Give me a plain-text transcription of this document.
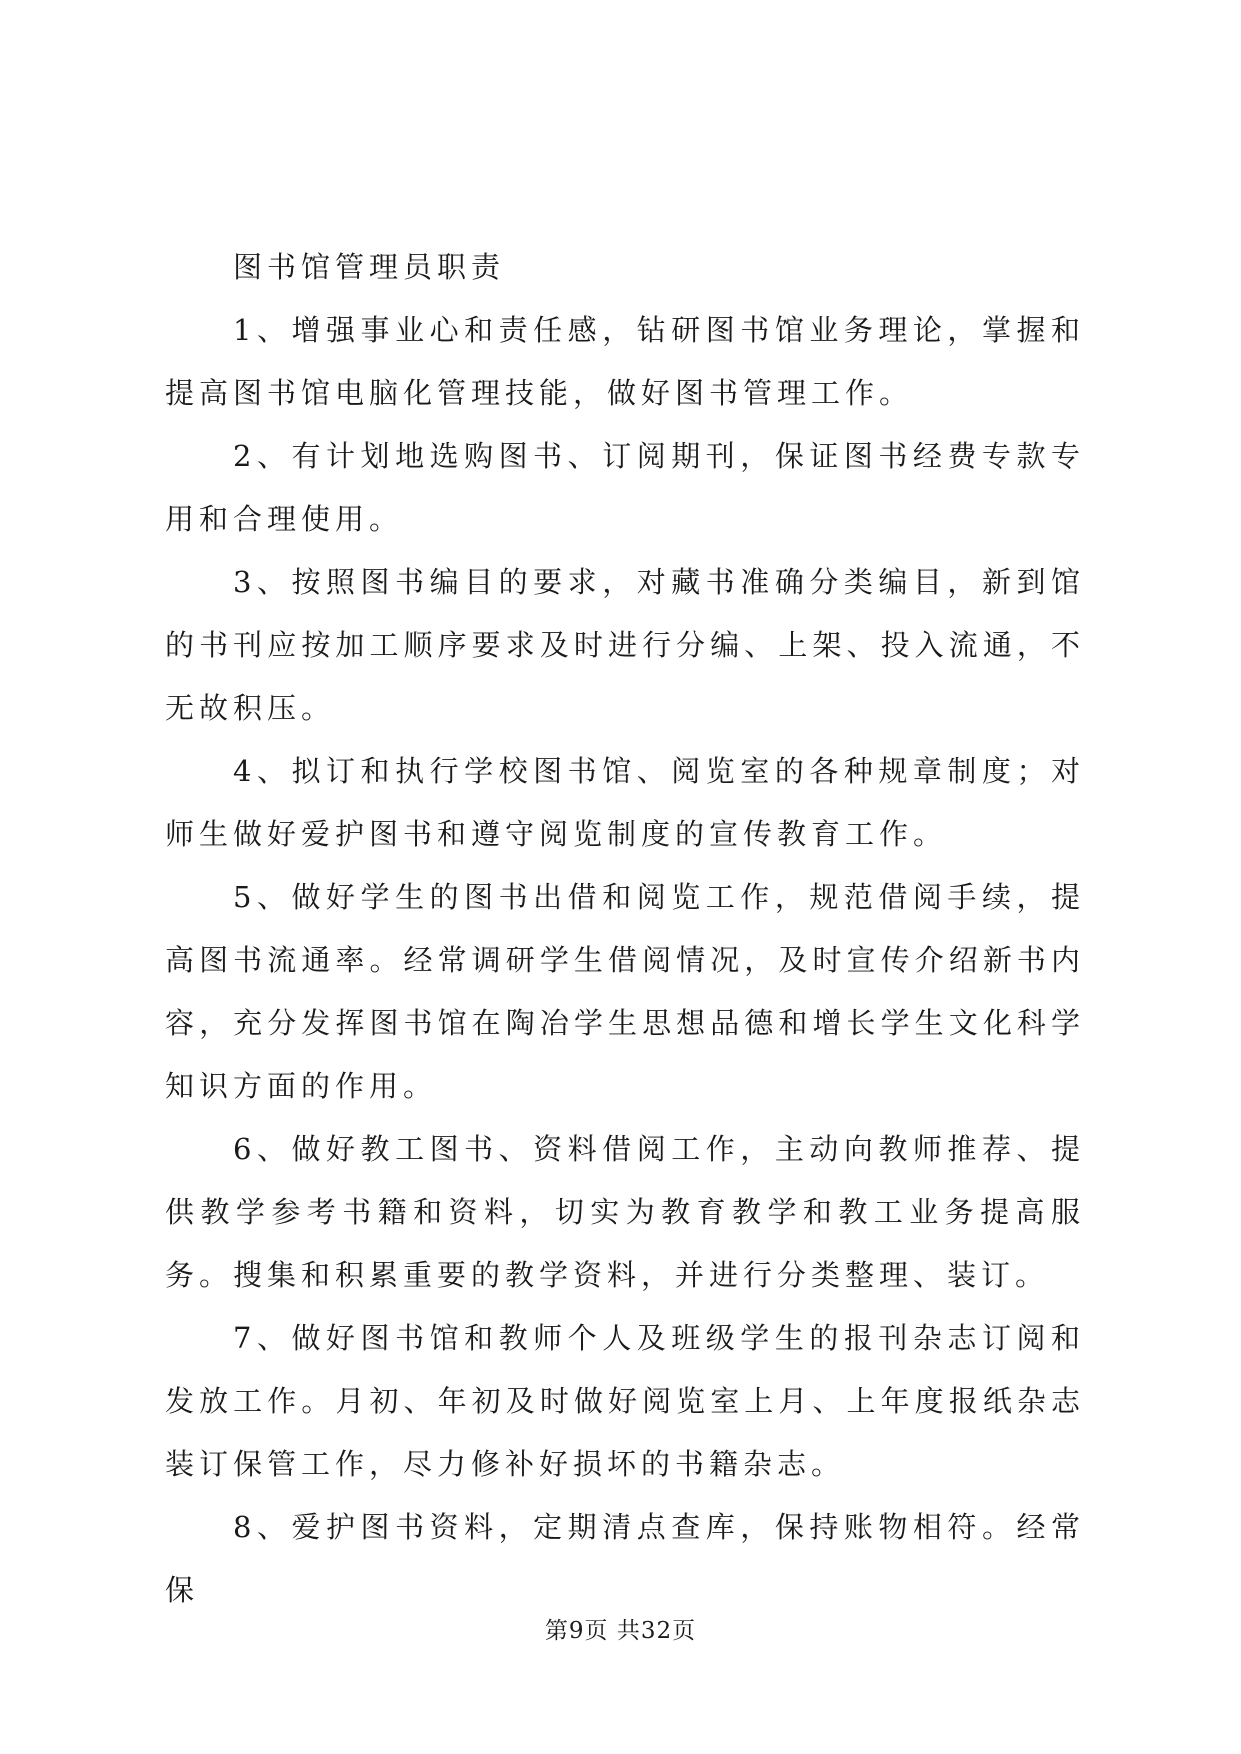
图书馆管理员职责

1、增强事业心和责任感，钻研图书馆业务理论，掌握和提高图书馆电脑化管理技能，做好图书管理工作。

2、有计划地选购图书、订阅期刊，保证图书经费专款专用和合理使用。

3、按照图书编目的要求，对藏书准确分类编目，新到馆的书刊应按加工顺序要求及时进行分编、上架、投入流通，不无故积压。

4、拟订和执行学校图书馆、阅览室的各种规章制度；对师生做好爱护图书和遵守阅览制度的宣传教育工作。

5、做好学生的图书出借和阅览工作，规范借阅手续，提高图书流通率。经常调研学生借阅情况，及时宣传介绍新书内容，充分发挥图书馆在陶冶学生思想品德和增长学生文化科学知识方面的作用。

6、做好教工图书、资料借阅工作，主动向教师推荐、提供教学参考书籍和资料，切实为教育教学和教工业务提高服务。搜集和积累重要的教学资料，并进行分类整理、装订。

7、做好图书馆和教师个人及班级学生的报刊杂志订阅和发放工作。月初、年初及时做好阅览室上月、上年度报纸杂志装订保管工作，尽力修补好损坏的书籍杂志。

8、爱护图书资料，定期清点查库，保持账物相符。经常保

第9页 共32页
